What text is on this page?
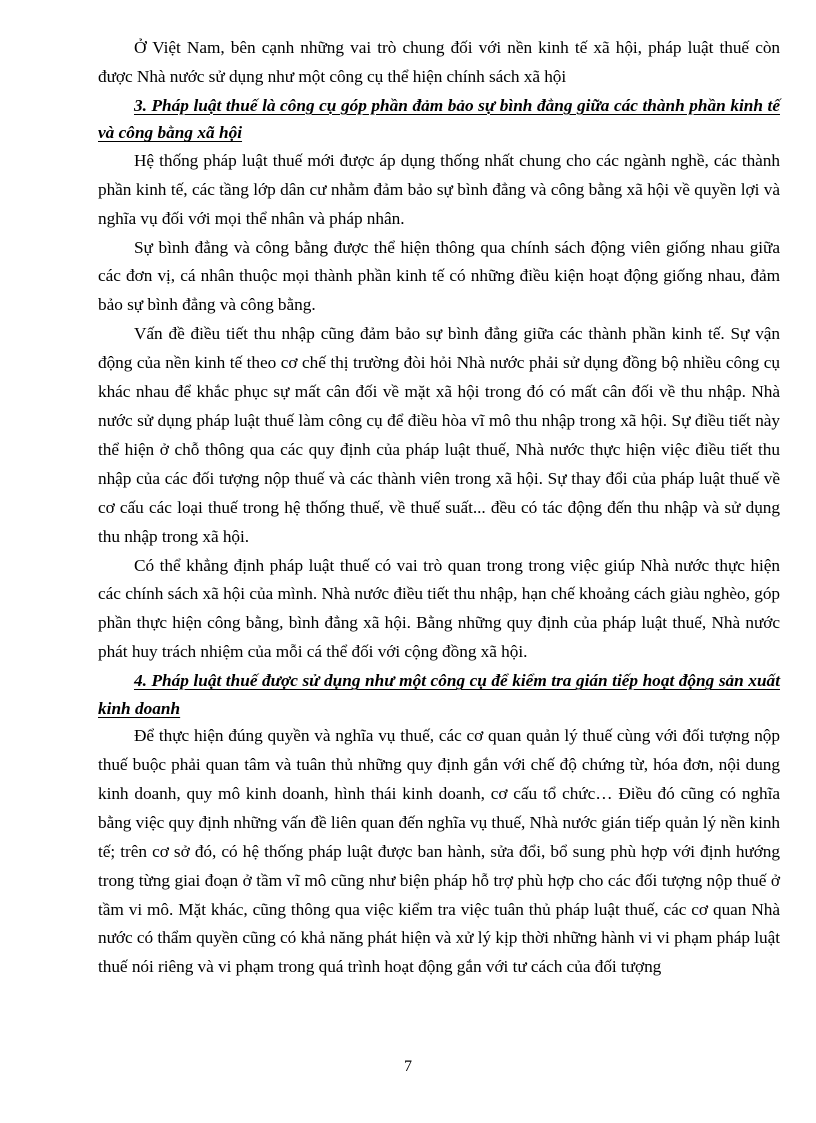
Ở Việt Nam, bên cạnh những vai trò chung đối với nền kinh tế xã hội, pháp luật thuế còn được Nhà nước sử dụng như một công cụ thể hiện chính sách xã hội

3. Pháp luật thuế là công cụ góp phần đảm bảo sự bình đẳng giữa các thành phần kinh tế và công bằng xã hội

Hệ thống pháp luật thuế mới được áp dụng thống nhất chung cho các ngành nghề, các thành phần kinh tế, các tầng lớp dân cư nhằm đảm bảo sự bình đẳng và công bằng xã hội về quyền lợi và nghĩa vụ đối với mọi thể nhân và pháp nhân.

Sự bình đẳng và công bằng được thể hiện thông qua chính sách động viên giống nhau giữa các đơn vị, cá nhân thuộc mọi thành phần kinh tế có những điều kiện hoạt động giống nhau, đảm bảo sự bình đẳng và công bằng.

Vấn đề điều tiết thu nhập cũng đảm bảo sự bình đẳng giữa các thành phần kinh tế. Sự vận động của nền kinh tế theo cơ chế thị trường đòi hỏi Nhà nước phải sử dụng đồng bộ nhiều công cụ khác nhau để khắc phục sự mất cân đối về mặt xã hội trong đó có mất cân đối về thu nhập. Nhà nước sử dụng pháp luật thuế làm công cụ để điều hòa vĩ mô thu nhập trong xã hội. Sự điều tiết này thể hiện ở chỗ thông qua các quy định của pháp luật thuế, Nhà nước thực hiện việc điều tiết thu nhập của các đối tượng nộp thuế và các thành viên trong xã hội. Sự thay đổi của pháp luật thuế về cơ cấu các loại thuế trong hệ thống thuế, về thuế suất... đều có tác động đến thu nhập và sử dụng thu nhập trong xã hội.

Có thể khẳng định pháp luật thuế có vai trò quan trong trong việc giúp Nhà nước thực hiện các chính sách xã hội của mình. Nhà nước điều tiết thu nhập, hạn chế khoảng cách giàu nghèo, góp phần thực hiện công bằng, bình đẳng xã hội. Bằng những quy định của pháp luật thuế, Nhà nước phát huy trách nhiệm của mỗi cá thể đối với cộng đồng xã hội.

4. Pháp luật thuế được sử dụng như một công cụ để kiểm tra gián tiếp hoạt động sản xuất kinh doanh

Để thực hiện đúng quyền và nghĩa vụ thuế, các cơ quan quản lý thuế cùng với đối tượng nộp thuế buộc phải quan tâm và tuân thủ những quy định gắn với chế độ chứng từ, hóa đơn, nội dung kinh doanh, quy mô kinh doanh, hình thái kinh doanh, cơ cấu tổ chức… Điều đó cũng có nghĩa bằng việc quy định những vấn đề liên quan đến nghĩa vụ thuế, Nhà nước gián tiếp quản lý nền kinh tế; trên cơ sở đó, có hệ thống pháp luật được ban hành, sửa đổi, bổ sung phù hợp với định hướng trong từng giai đoạn ở tầm vĩ mô cũng như biện pháp hỗ trợ phù hợp cho các đối tượng nộp thuế ở tầm vi mô. Mặt khác, cũng thông qua việc kiểm tra việc tuân thủ pháp luật thuế, các cơ quan Nhà nước có thẩm quyền cũng có khả năng phát hiện và xử lý kịp thời những hành vi vi phạm pháp luật thuế nói riêng và vi phạm trong quá trình hoạt động gắn với tư cách của đối tượng

7
